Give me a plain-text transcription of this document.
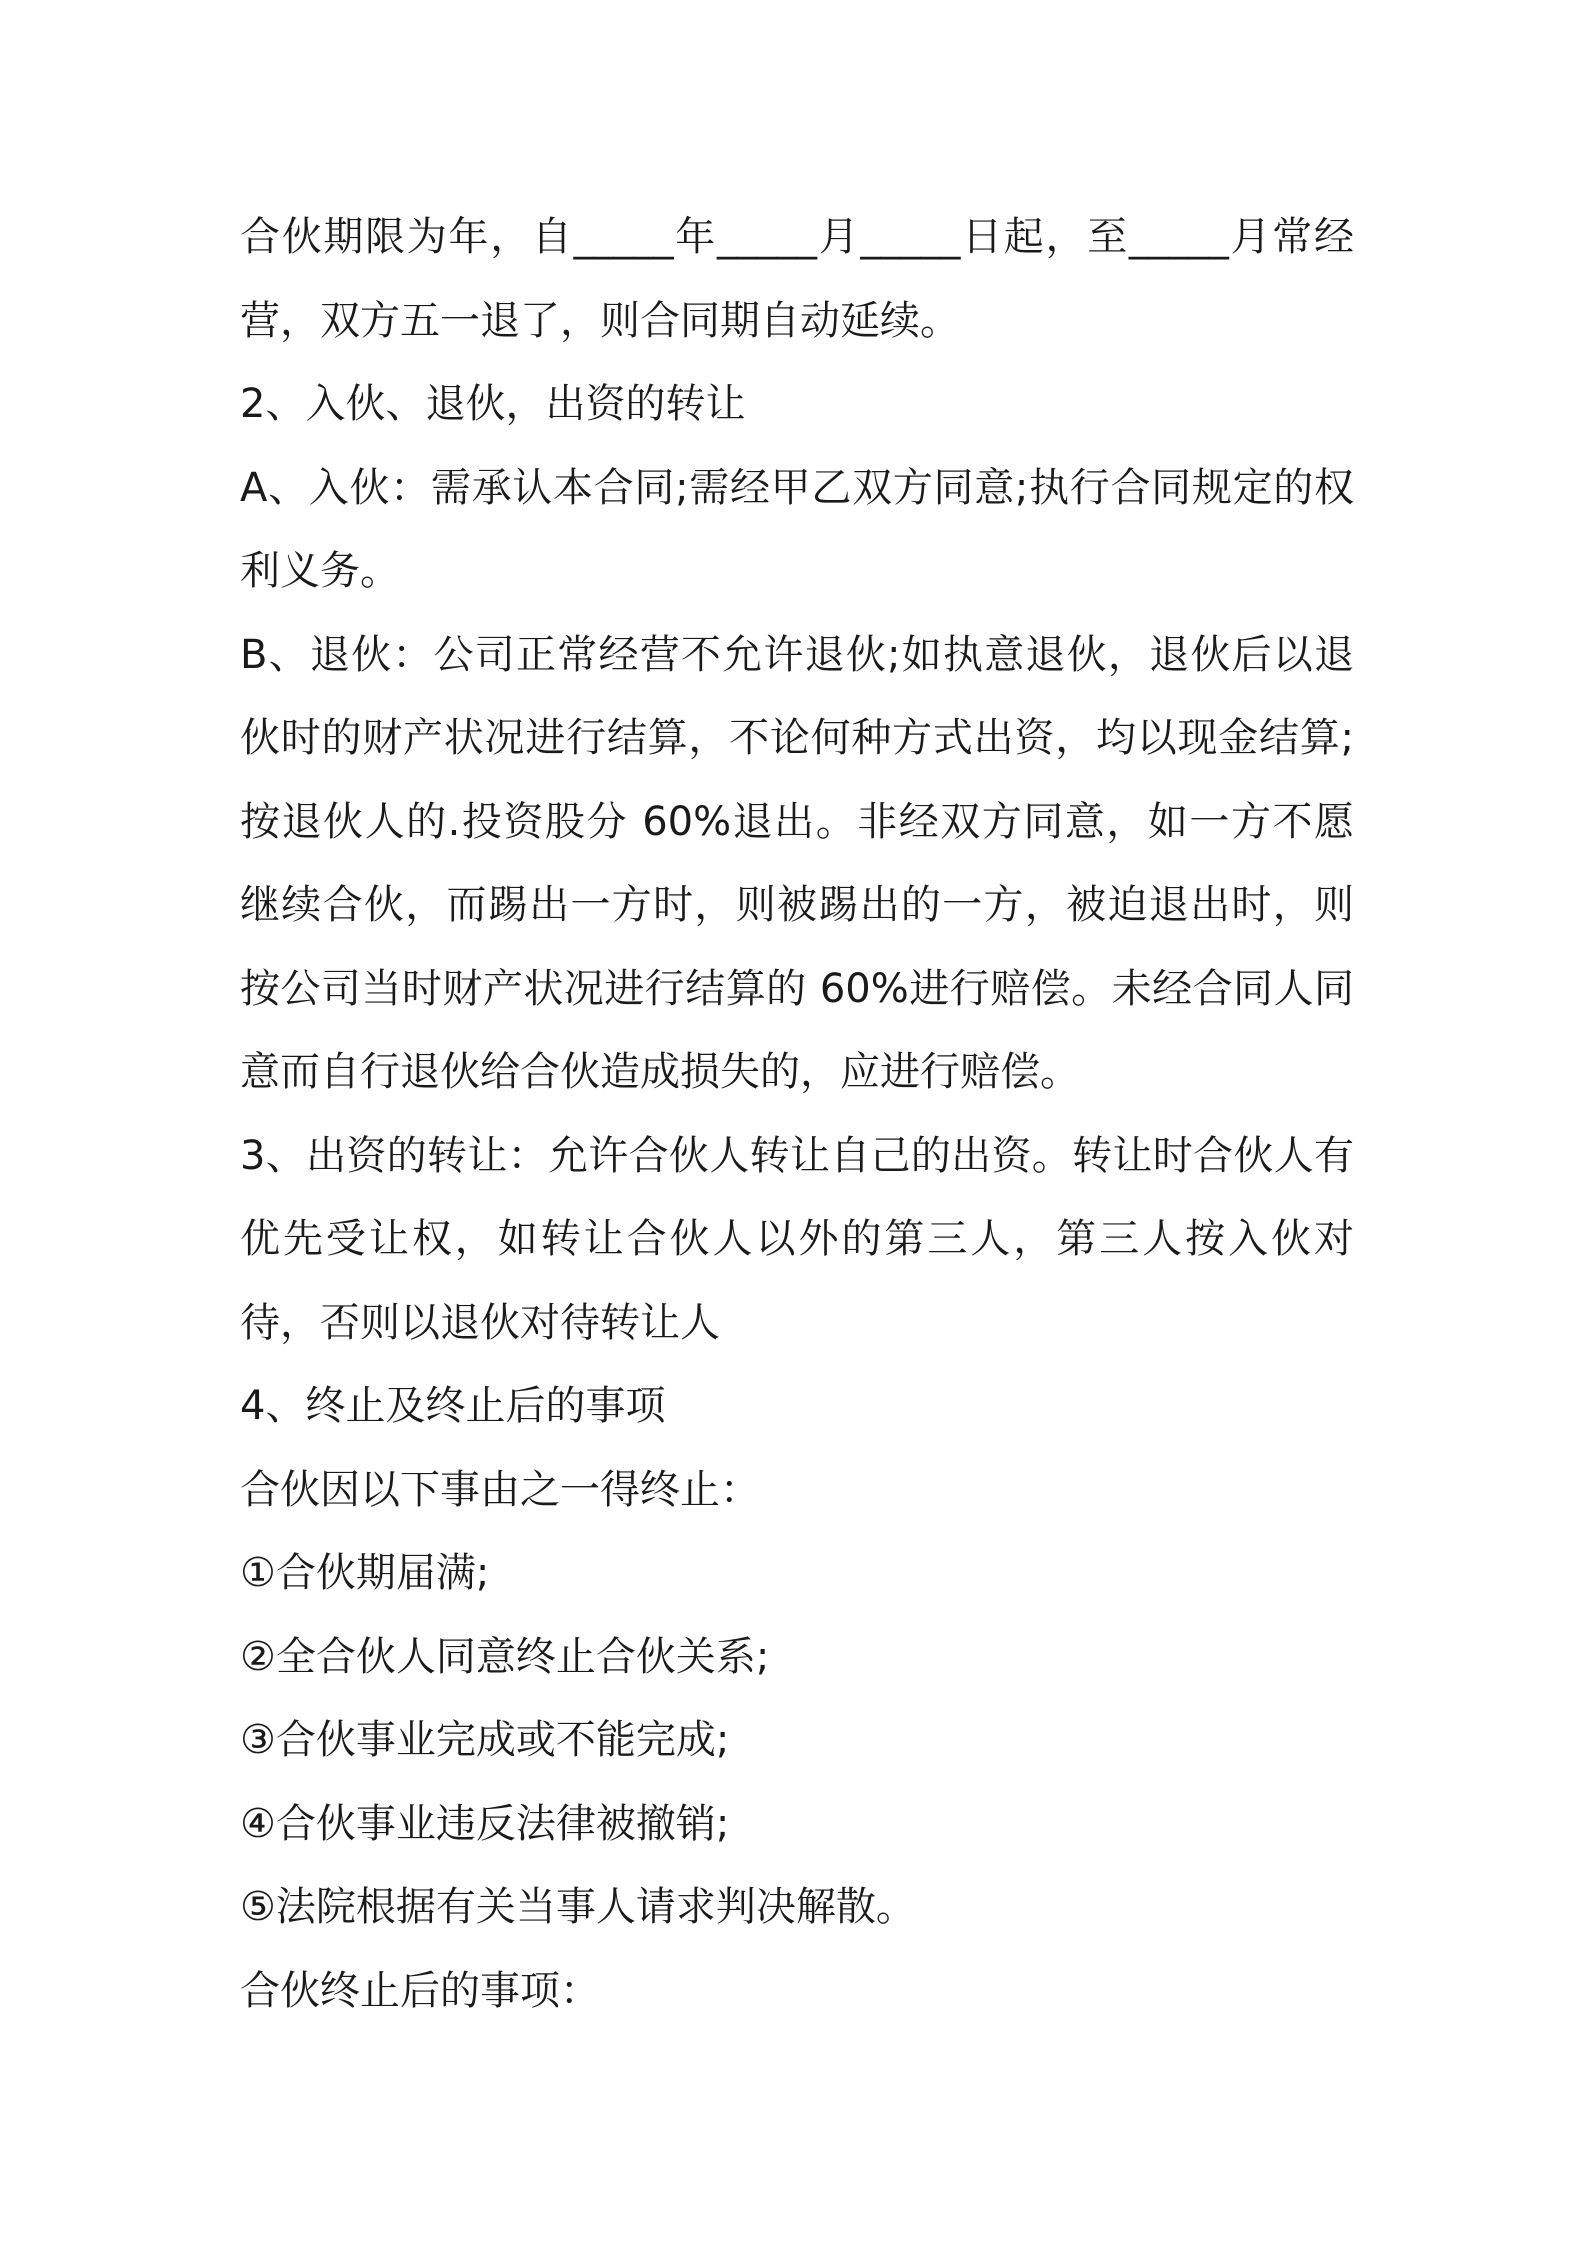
合伙期限为年，自_____年_____月_____日起，至_____月常经营，双方五一退了，则合同期自动延续。

2、入伙、退伙，出资的转让

A、入伙：需承认本合同;需经甲乙双方同意;执行合同规定的权利义务。

B、退伙：公司正常经营不允许退伙;如执意退伙，退伙后以退伙时的财产状况进行结算，不论何种方式出资，均以现金结算;按退伙人的.投资股分 60%退出。非经双方同意，如一方不愿继续合伙，而踢出一方时，则被踢出的一方，被迫退出时，则按公司当时财产状况进行结算的 60%进行赔偿。未经合同人同意而自行退伙给合伙造成损失的，应进行赔偿。

3、出资的转让：允许合伙人转让自己的出资。转让时合伙人有优先受让权，如转让合伙人以外的第三人，第三人按入伙对待，否则以退伙对待转让人

4、终止及终止后的事项

合伙因以下事由之一得终止：

①合伙期届满;

②全合伙人同意终止合伙关系;

③合伙事业完成或不能完成;

④合伙事业违反法律被撤销;

⑤法院根据有关当事人请求判决解散。

合伙终止后的事项：
